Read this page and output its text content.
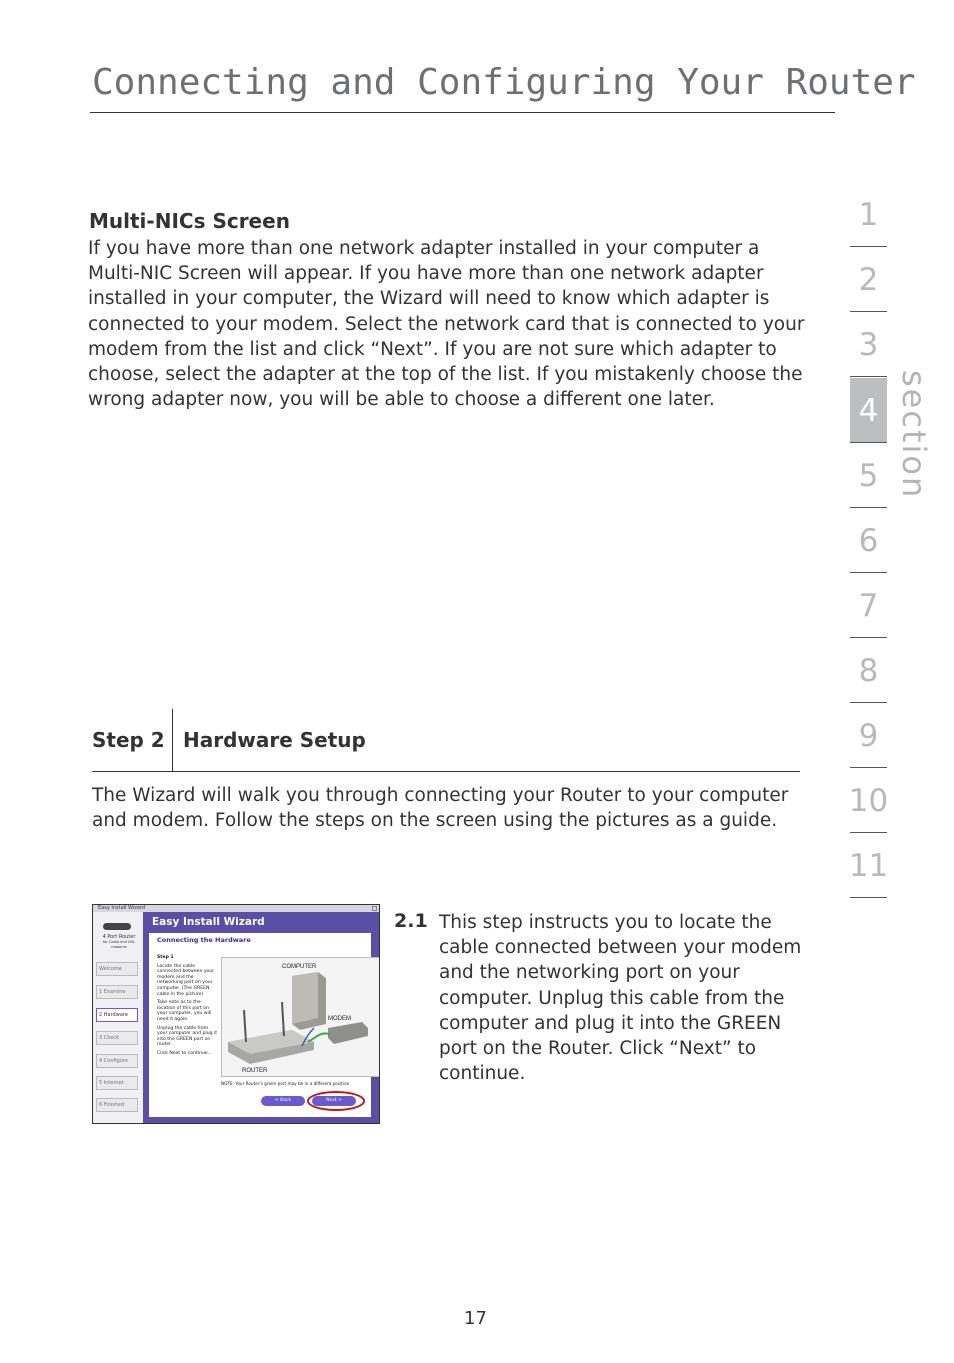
Connecting and Configuring Your Router
Multi-NICs Screen

If you have more than one network adapter installed in your computer a Multi-NIC Screen will appear. If you have more than one network adapter installed in your computer, the Wizard will need to know which adapter is connected to your modem. Select the network card that is connected to your modem from the list and click “Next”. If you are not sure which adapter to choose, select the adapter at the top of the list. If you mistakenly choose the wrong adapter now, you will be able to choose a different one later.

1
2
3
4
5
6
7
8
9
10
11
section
Step 2 Hardware Setup

The Wizard will walk you through connecting your Router to your computer and modem. Follow the steps on the screen using the pictures as a guide.

Easy Install Wizard
4 Port Router
for Cable and DSL modems
Welcome
1 Examine
2 Hardware
3 Check
4 Configure
5 Internet
6 Finished
Easy Install Wizard
Connecting the Hardware
Step 1
Locate the cable connected between your modem and the networking port on your computer. (The GREEN cable in the picture)
Take note as to the location of this port on your computer, you will need it again.
Unplug the cable from your computer and plug it into the GREEN port on router.
Click Next to continue...
COMPUTER
MODEM
ROUTER
NOTE: Your Router's green port may be in a different position
< Back	Next >
2.1 This step instructs you to locate the cable connected between your modem and the networking port on your computer. Unplug this cable from the computer and plug it into the GREEN port on the Router. Click “Next” to continue.

17
